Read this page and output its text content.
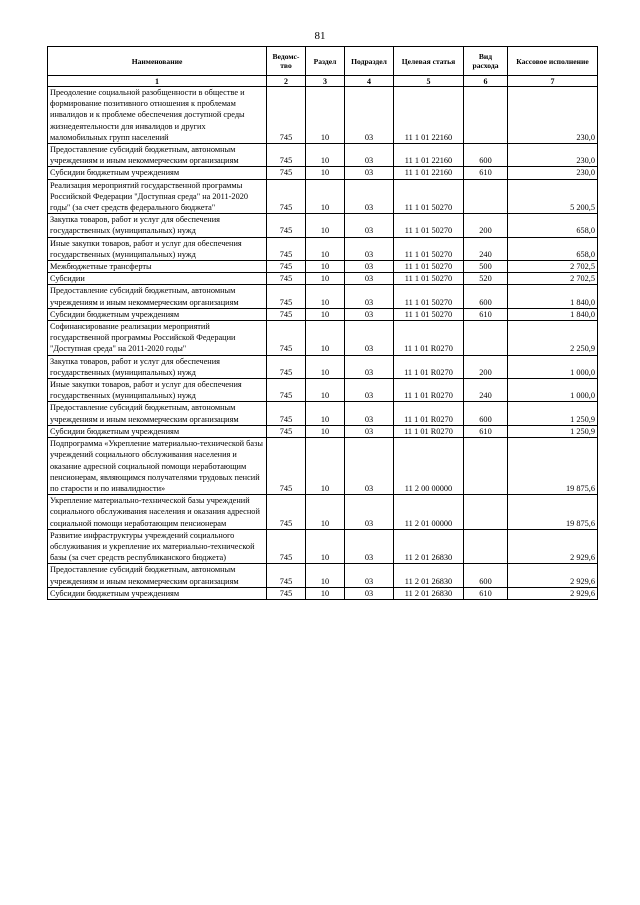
81
Наименование	Ведомс-тво	Раздел	Подраздел	Целевая статья	Вид расхода	Кассовое исполнение
1	2	3	4	5	6	7
Преодоление социальной разобщенности в обществе и формирование позитивного отношения к проблемам инвалидов и к проблеме обеспечения доступной среды жизнедеятельности для инвалидов и других маломобильных групп населений	745	10	03	11 1 01 22160		230,0
Предоставление субсидий бюджетным, автономным учреждениям и иным некоммерческим организациям	745	10	03	11 1 01 22160	600	230,0
Субсидии бюджетным учреждениям	745	10	03	11 1 01 22160	610	230,0
Реализация мероприятий государственной программы Российской Федерации "Доступная среда" на 2011-2020 годы" (за счет средств федерального бюджета"	745	10	03	11 1 01 50270		5 200,5
Закупка товаров, работ и услуг для обеспечения государственных (муниципальных) нужд	745	10	03	11 1 01 50270	200	658,0
Иные закупки товаров, работ и услуг для обеспечения государственных (муниципальных) нужд	745	10	03	11 1 01 50270	240	658,0
Межбюджетные трансферты	745	10	03	11 1 01 50270	500	2 702,5
Субсидии	745	10	03	11 1 01 50270	520	2 702,5
Предоставление субсидий бюджетным, автономным учреждениям и иным некоммерческим организациям	745	10	03	11 1 01 50270	600	1 840,0
Субсидии бюджетным учреждениям	745	10	03	11 1 01 50270	610	1 840,0
Софинансирование реализации мероприятий государственной программы Российской Федерации "Доступная среда" на 2011-2020 годы"	745	10	03	11 1 01 R0270		2 250,9
Закупка товаров, работ и услуг для обеспечения государственных (муниципальных) нужд	745	10	03	11 1 01 R0270	200	1 000,0
Иные закупки товаров, работ и услуг для обеспечения государственных (муниципальных) нужд	745	10	03	11 1 01 R0270	240	1 000,0
Предоставление субсидий бюджетным, автономным учреждениям и иным некоммерческим организациям	745	10	03	11 1 01 R0270	600	1 250,9
Субсидии бюджетным учреждениям	745	10	03	11 1 01 R0270	610	1 250,9
Подпрограмма «Укрепление материально-технической базы учреждений социального обслуживания населения и оказание адресной социальной помощи неработающим пенсионерам, являющимся получателями трудовых пенсий по старости и по инвалидности»	745	10	03	11 2 00 00000		19 875,6
Укрепление материально-технической базы учреждений социального обслуживания населения и оказания адресной социальной помощи неработающим пенсионерам	745	10	03	11 2 01 00000		19 875,6
Развитие инфраструктуры учреждений социального обслуживания и укрепление их материально-технической базы (за счет средств республиканского бюджета)	745	10	03	11 2 01 26830		2 929,6
Предоставление субсидий бюджетным, автономным учреждениям и иным некоммерческим организациям	745	10	03	11 2 01 26830	600	2 929,6
Субсидии бюджетным учреждениям	745	10	03	11 2 01 26830	610	2 929,6
